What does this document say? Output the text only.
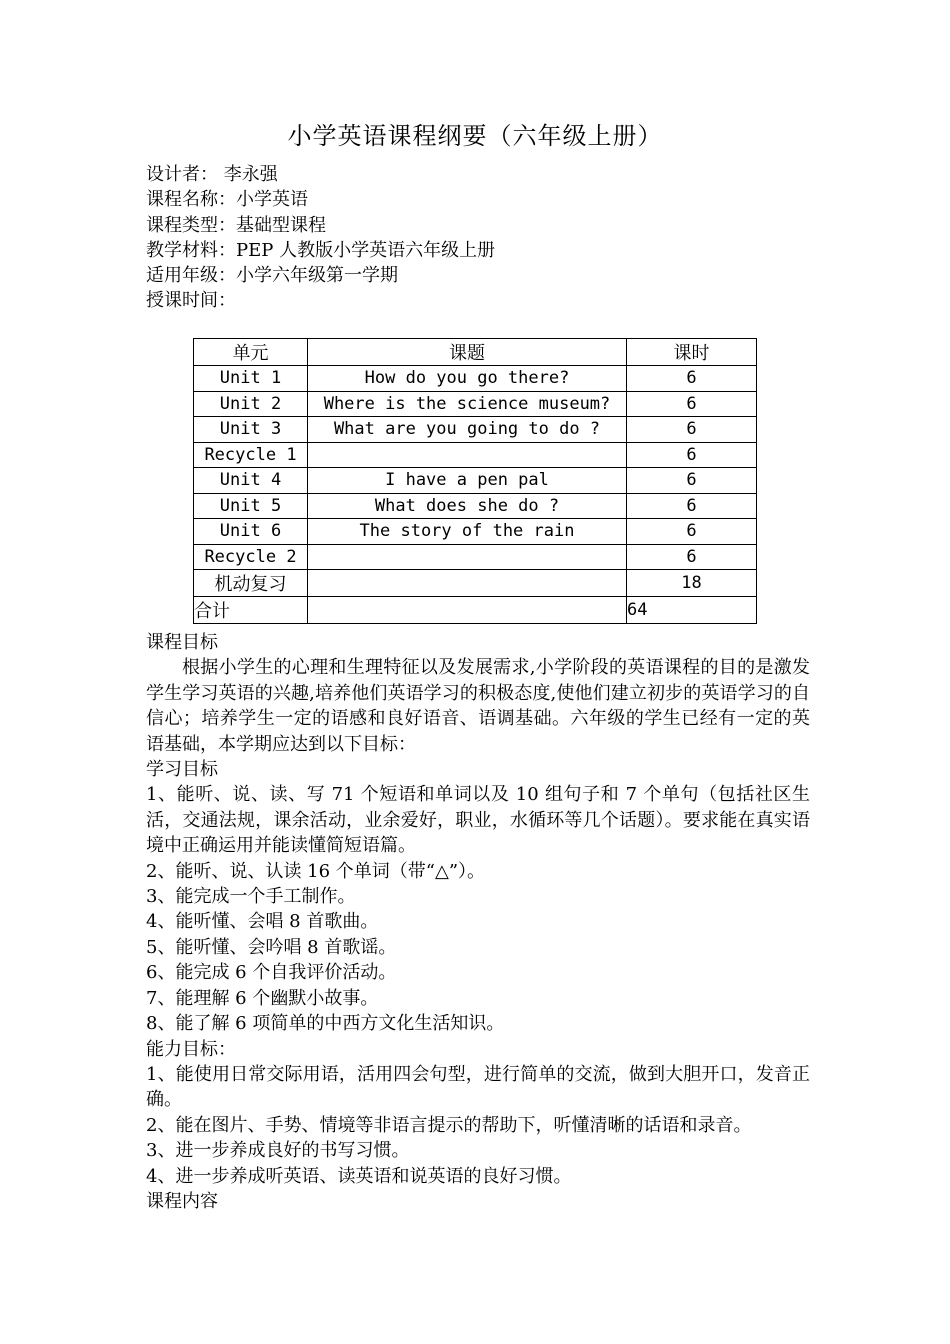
小学英语课程纲要（六年级上册）
设计者： 李永强
课程名称：小学英语
课程类型：基础型课程
教学材料：PEP 人教版小学英语六年级上册
适用年级：小学六年级第一学期
授课时间：
单元	课题	课时
Unit 1	How do you go there?	6
Unit 2	Where is the science museum?	6
Unit 3	What are you going to do ?	6
Recycle 1		6
Unit 4	I have a pen pal	6
Unit 5	What does she do ?	6
Unit 6	The story of the rain	6
Recycle 2		6
机动复习		18
合计		64

课程目标

根据小学生的心理和生理特征以及发展需求,小学阶段的英语课程的目的是激发学生学习英语的兴趣,培养他们英语学习的积极态度,使他们建立初步的英语学习的自信心；培养学生一定的语感和良好语音、语调基础。六年级的学生已经有一定的英语基础，本学期应达到以下目标：

学习目标

1、能听、说、读、写 71 个短语和单词以及 10 组句子和 7 个单句（包括社区生活，交通法规，课余活动，业余爱好，职业，水循环等几个话题）。要求能在真实语境中正确运用并能读懂简短语篇。

2、能听、说、认读 16 个单词（带“△”）。

3、能完成一个手工制作。

4、能听懂、会唱 8 首歌曲。

5、能听懂、会吟唱 8 首歌谣。

6、能完成 6 个自我评价活动。

7、能理解 6 个幽默小故事。

8、能了解 6 项简单的中西方文化生活知识。

能力目标：

1、能使用日常交际用语，活用四会句型，进行简单的交流，做到大胆开口，发音正确。

2、能在图片、手势、情境等非语言提示的帮助下，听懂清晰的话语和录音。

3、进一步养成良好的书写习惯。

4、进一步养成听英语、读英语和说英语的良好习惯。

课程内容
